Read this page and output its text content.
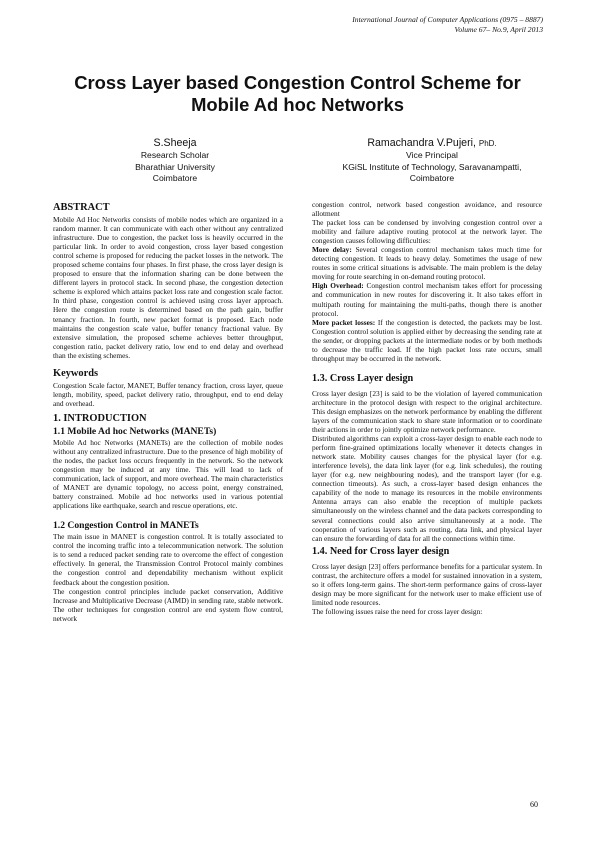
International Journal of Computer Applications (0975 – 8887)
Volume 67– No.9, April 2013
Cross Layer based Congestion Control Scheme for
Mobile Ad hoc Networks
S.Sheeja
Research Scholar
Bharathiar University
Coimbatore
Ramachandra V.Pujeri, PhD.
Vice Principal
KGiSL Institute of Technology, Saravanampatti,
Coimbatore
ABSTRACT

Mobile Ad Hoc Networks consists of mobile nodes which are organized in a random manner. It can communicate with each other without any centralized infrastructure. Due to congestion, the packet loss is heavily occurred in the particular link. In order to avoid congestion, cross layer based congestion control scheme is proposed for reducing the packet losses in the network. The proposed scheme contains four phases. In first phase, the cross layer design is proposed to ensure that the information sharing can be done between the different layers in protocol stack. In second phase, the congestion detection scheme is explored which attains packet loss rate and congestion scale factor. In third phase, congestion control is achieved using cross layer approach. Here the congestion route is determined based on the path gain, buffer tenancy fraction. In fourth, new packet format is proposed. Each node maintains the congestion scale value, buffer tenancy fractional value. By extensive simulation, the proposed scheme achieves better throughput, congestion ratio, packet delivery ratio, low end to end delay and overhead than the existing schemes.

Keywords

Congestion Scale factor, MANET, Buffer tenancy fraction, cross layer, queue length, mobility, speed, packet delivery ratio, throughput, end to end delay and overhead.

1. INTRODUCTION
1.1 Mobile Ad hoc Networks (MANETs)

Mobile Ad hoc Networks (MANETs) are the collection of mobile nodes without any centralized infrastructure. Due to the presence of high mobility of the nodes, the packet loss occurs frequently in the network. So the network congestion may be induced at any time. This will lead to lack of communication, lack of support, and more overhead. The main characteristics of MANET are dynamic topology, no access point, energy constrained, battery constrained. Mobile ad hoc networks used in various potential applications like earthquake, search and rescue operations, etc.

1.2 Congestion Control in MANETs

The main issue in MANET is congestion control. It is totally associated to control the incoming traffic into a telecommunication network. The solution is to send a reduced packet sending rate to overcome the effect of congestion effectively. In general, the Transmission Control Protocol mainly combines the congestion control and dependability mechanism without explicit feedback about the congestion position.

The congestion control principles include packet conservation, Additive Increase and Multiplicative Decrease (AIMD) in sending rate, stable network. The other techniques for congestion control are end system flow control, network

congestion control, network based congestion avoidance, and resource allotment

The packet loss can be condensed by involving congestion control over a mobility and failure adaptive routing protocol at the network layer. The congestion causes following difficulties:

More delay: Several congestion control mechanism takes much time for detecting congestion. It leads to heavy delay. Sometimes the usage of new routes in some critical situations is advisable. The main problem is the delay moving for route searching in on-demand routing protocol.

High Overhead: Congestion control mechanism takes effort for processing and communication in new routes for discovering it. It also takes effort in multipath routing for maintaining the multi-paths, though there is another protocol.

More packet losses: If the congestion is detected, the packets may be lost. Congestion control solution is applied either by decreasing the sending rate at the sender, or dropping packets at the intermediate nodes or by both methods to decrease the traffic load. If the high packet loss rate occurs, small throughput may be occurred in the network.

1.3. Cross Layer design

Cross layer design [23] is said to be the violation of layered communication architecture in the protocol design with respect to the original architecture. This design emphasizes on the network performance by enabling the different layers of the communication stack to share state information or to coordinate their actions in order to jointly optimize network performance.

Distributed algorithms can exploit a cross-layer design to enable each node to perform fine-grained optimizations locally whenever it detects changes in network state. Mobility causes changes for the physical layer (for e.g. interference levels), the data link layer (for e.g. link schedules), the routing layer (for e.g. new neighbouring nodes), and the transport layer (for e.g. connection timeouts). As such, a cross-layer based design enhances the capability of the node to manage its resources in the mobile environments Antenna arrays can also enable the reception of multiple packets simultaneously on the wireless channel and the data packets corresponding to several connections could also arrive simultaneously at a node. The cooperation of various layers such as routing, data link, and physical layer can ensure the forwarding of data for all the connections within time.

1.4. Need for Cross layer design

Cross layer design [23] offers performance benefits for a particular system. In contrast, the architecture offers a model for sustained innovation in a system, so it offers long-term gains. The short-term performance gains of cross-layer design may be more significant for the network user to make efficient use of limited node resources.

The following issues raise the need for cross layer design:

60
